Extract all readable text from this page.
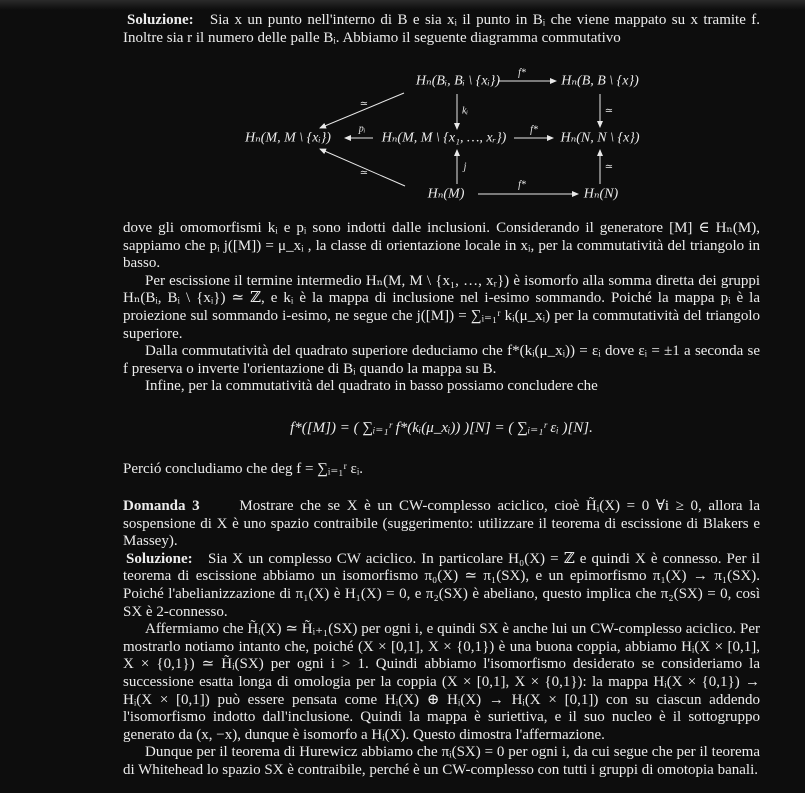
Soluzione: Sia x un punto nell'interno di B e sia xᵢ il punto in Bᵢ che viene mappato su x tramite f. Inoltre sia r il numero delle palle Bᵢ. Abbiamo il seguente diagramma commutativo

Hₙ(Bᵢ, Bᵢ \ {xᵢ})	Hₙ(B, B \ {x})
Hₙ(M, M \ {xᵢ})	Hₙ(M, M \ {x₁, …, xᵣ})	Hₙ(N, N \ {x})
Hₙ(M)	Hₙ(N)
f*
f*
f*
pᵢ
kᵢ
j
≃
≃
≃
≃

dove gli omomorfismi kᵢ e pᵢ sono indotti dalle inclusioni. Considerando il generatore [M] ∈ Hₙ(M), sappiamo che pᵢ j([M]) = μ_xᵢ , la classe di orientazione locale in xᵢ, per la commutatività del triangolo in basso.

Per escissione il termine intermedio Hₙ(M, M \ {x₁, …, xᵣ}) è isomorfo alla somma diretta dei gruppi Hₙ(Bᵢ, Bᵢ \ {xᵢ}) ≃ ℤ, e kᵢ è la mappa di inclusione nel i-esimo sommando. Poiché la mappa pᵢ è la proiezione sul sommando i-esimo, ne segue che j([M]) = ∑ᵢ₌₁ʳ kᵢ(μ_xᵢ) per la commutatività del triangolo superiore.

Dalla commutatività del quadrato superiore deduciamo che f*(kᵢ(μ_xᵢ)) = εᵢ dove εᵢ = ±1 a seconda se f preserva o inverte l'orientazione di Bᵢ quando la mappa su B.

Infine, per la commutatività del quadrato in basso possiamo concludere che

f*([M]) = ( ∑ᵢ₌₁ʳ f*(kᵢ(μ_xᵢ)) )[N] = ( ∑ᵢ₌₁ʳ εᵢ )[N].

Perció concludiamo che deg f = ∑ᵢ₌₁ʳ εᵢ.

Domanda 3	Mostrare che se X è un CW-complesso aciclico, cioè H̃ᵢ(X) = 0 ∀i ≥ 0, allora la sospensione di X è uno spazio contraibile (suggerimento: utilizzare il teorema di escissione di Blakers e Massey).

Soluzione: Sia X un complesso CW aciclico. In particolare H₀(X) = ℤ e quindi X è connesso. Per il teorema di escissione abbiamo un isomorfismo π₀(X) ≃ π₁(SX), e un epimorfismo π₁(X) → π₁(SX). Poiché l'abelianizzazione di π₁(X) è H₁(X) = 0, e π₂(SX) è abeliano, questo implica che π₂(SX) = 0, così SX è 2-connesso.

Affermiamo che H̃ᵢ(X) ≃ H̃ᵢ₊₁(SX) per ogni i, e quindi SX è anche lui un CW-complesso aciclico. Per mostrarlo notiamo intanto che, poiché (X × [0,1], X × {0,1}) è una buona coppia, abbiamo Hᵢ(X × [0,1], X × {0,1}) ≃ H̃ᵢ(SX) per ogni i > 1. Quindi abbiamo l'isomorfismo desiderato se consideriamo la successione esatta longa di omologia per la coppia (X × [0,1], X × {0,1}): la mappa Hᵢ(X × {0,1}) → Hᵢ(X × [0,1]) può essere pensata come Hᵢ(X) ⊕ Hᵢ(X) → Hᵢ(X × [0,1]) con su ciascun addendo l'isomorfismo indotto dall'inclusione. Quindi la mappa è suriettiva, e il suo nucleo è il sottogruppo generato da (x, −x), dunque è isomorfo a Hᵢ(X). Questo dimostra l'affermazione.

Dunque per il teorema di Hurewicz abbiamo che πᵢ(SX) = 0 per ogni i, da cui segue che per il teorema di Whitehead lo spazio SX è contraibile, perché è un CW-complesso con tutti i gruppi di omotopia banali.
